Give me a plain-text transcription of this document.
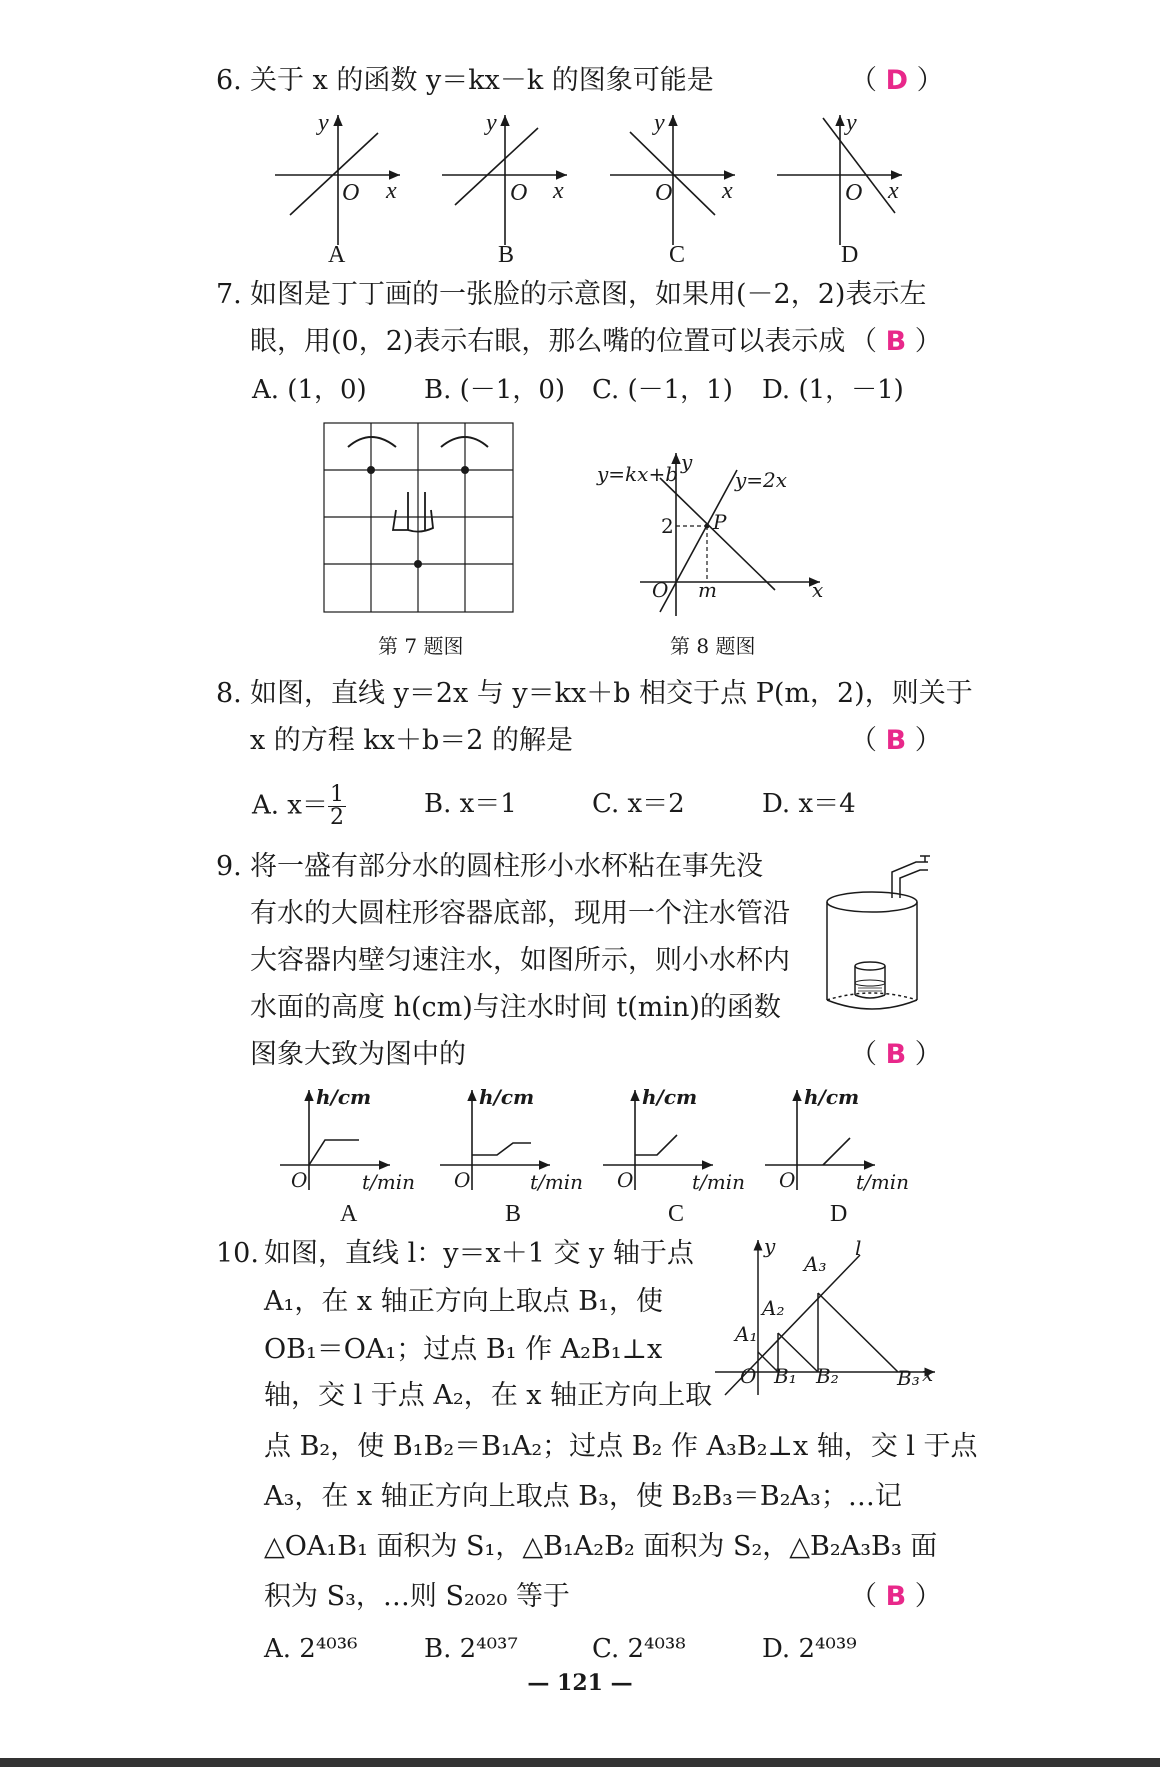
6. 关于 x 的函数 y＝kx－k 的图象可能是	（ D ）
y
O x
y
O x
y
O x
y
O x
A	B	C	D
7. 如图是丁丁画的一张脸的示意图，如果用(－2，2)表示左
眼，用(0，2)表示右眼，那么嘴的位置可以表示成 （ B ）
A. (1，0) B. (－1，0) C. (－1，1) D. (1，－1)
第 7 题图
y=kx+b	y=2x
y
x
O
2
m
P
第 8 题图
8. 如图，直线 y＝2x 与 y＝kx＋b 相交于点 P(m，2)，则关于
x 的方程 kx＋b＝2 的解是	（ B ）
A. $x= \frac{1}{2}$	B. x＝1	C. x＝2	D. x＝4
9. 将一盛有部分水的圆柱形小水杯粘在事先没
有水的大圆柱形容器底部，现用一个注水管沿
大容器内壁匀速注水，如图所示，则小水杯内
水面的高度 h(cm)与注水时间 t(min)的函数
图象大致为图中的	（ B ）
h/cm	h/cm	h/cm	h/cm
t/min	t/min	t/min	t/min
O	O	O	O
A	B	C	D
10. 如图，直线 l：y＝x＋1 交 y 轴于点
A₁，在 x 轴正方向上取点 B₁，使
OB₁＝OA₁；过点 B₁ 作 A₂B₁⊥x
轴，交 l 于点 A₂，在 x 轴正方向上取
点 B₂，使 B₁B₂＝B₁A₂；过点 B₂ 作 A₃B₂⊥x 轴，交 l 于点
A₃，在 x 轴正方向上取点 B₃，使 B₂B₃＝B₂A₃；…记
△OA₁B₁ 面积为 S₁，△B₁A₂B₂ 面积为 S₂，△B₂A₃B₃ 面
积为 S₃，…则 S₂₀₂₀ 等于	（ B ）
A. 2⁴⁰³⁶	B. 2⁴⁰³⁷	C. 2⁴⁰³⁸	D. 2⁴⁰³⁹
y	l
A₃
A₂
A₁
O B₁ B₂	B₃ x
— 121 —
